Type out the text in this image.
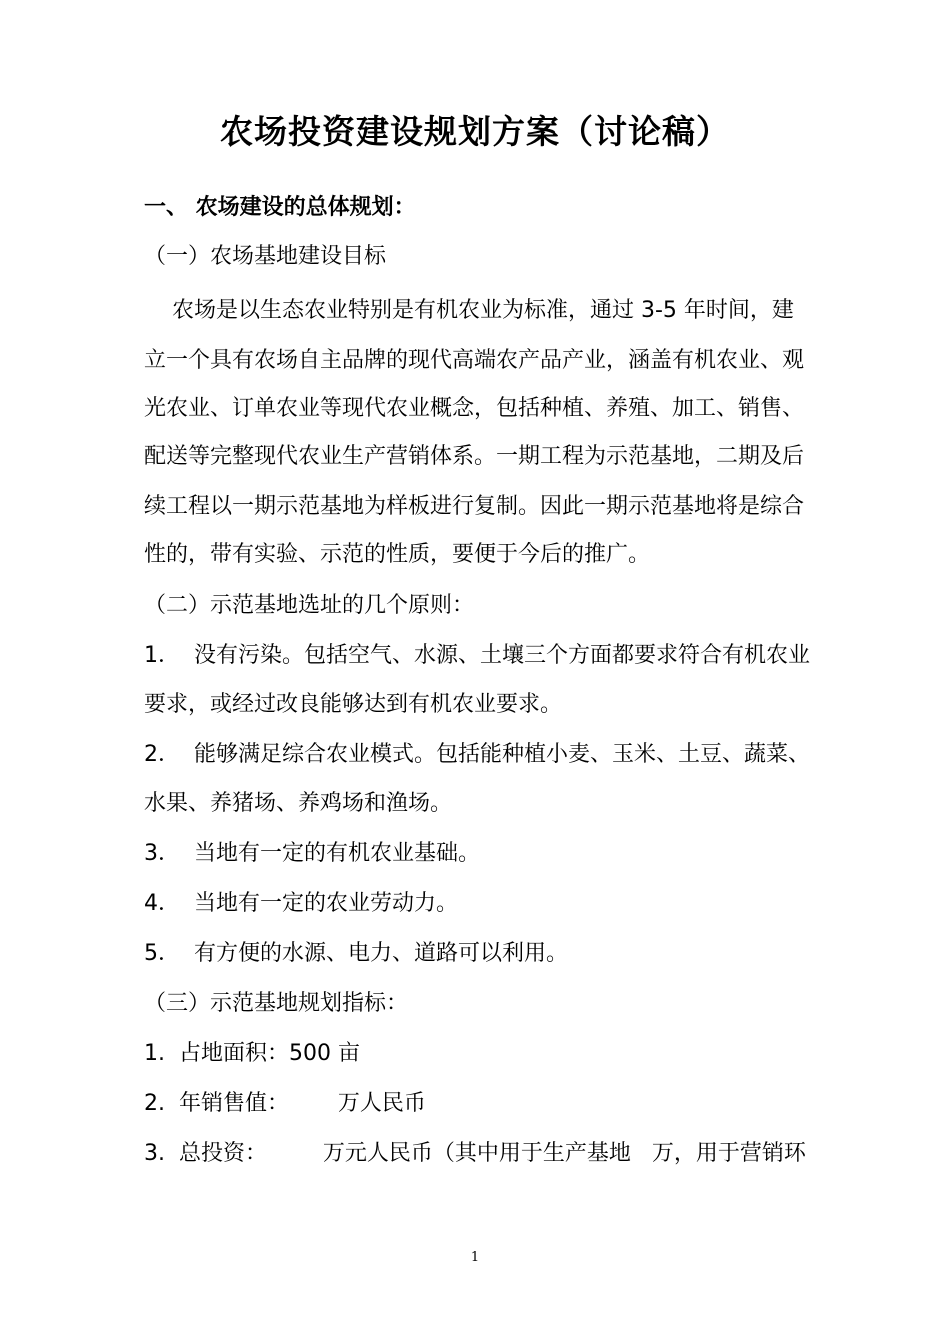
农场投资建设规划方案（讨论稿）
一、 农场建设的总体规划：
（一）农场基地建设目标
农场是以生态农业特别是有机农业为标准，通过 3-5 年时间，建
立一个具有农场自主品牌的现代高端农产品产业，涵盖有机农业、观
光农业、订单农业等现代农业概念，包括种植、养殖、加工、销售、
配送等完整现代农业生产营销体系。一期工程为示范基地，二期及后
续工程以一期示范基地为样板进行复制。因此一期示范基地将是综合
性的，带有实验、示范的性质，要便于今后的推广。
（二）示范基地选址的几个原则：
1．  没有污染。包括空气、水源、土壤三个方面都要求符合有机农业
要求，或经过改良能够达到有机农业要求。
2．  能够满足综合农业模式。包括能种植小麦、玉米、土豆、蔬菜、
水果、养猪场、养鸡场和渔场。
3．  当地有一定的有机农业基础。
4．  当地有一定的农业劳动力。
5．  有方便的水源、电力、道路可以利用。
（三）示范基地规划指标：
1.  占地面积：500 亩
2.  年销售值：       万人民币
3.  总投资：        万元人民币（其中用于生产基地   万，用于营销环
1
